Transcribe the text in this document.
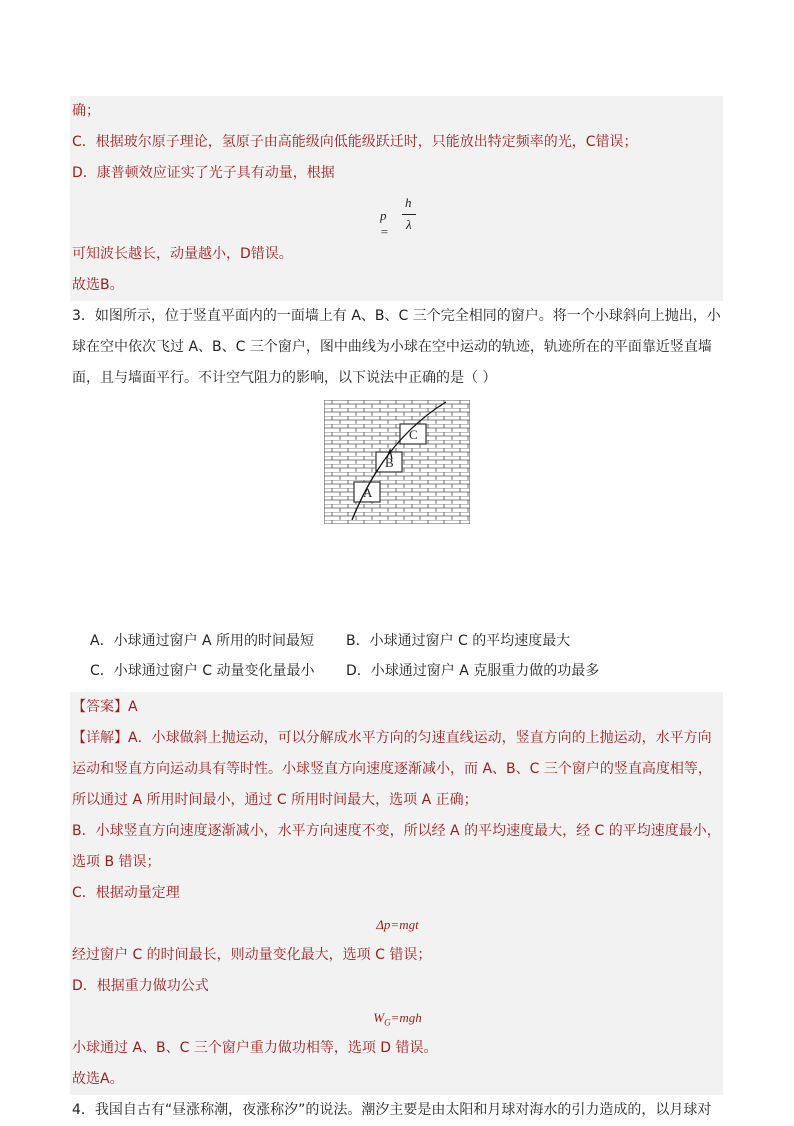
确；
C．根据玻尔原子理论，氢原子由高能级向低能级跃迁时，只能放出特定频率的光，C错误；
D．康普顿效应证实了光子具有动量，根据
p =
h
λ
可知波长越长，动量越小，D错误。
故选B。
3．如图所示，位于竖直平面内的一面墙上有 A、B、C 三个完全相同的窗户。将一个小球斜向上抛出，小
球在空中依次飞过 A、B、C 三个窗户，图中曲线为小球在空中运动的轨迹，轨迹所在的平面靠近竖直墙
面，且与墙面平行。不计空气阻力的影响，以下说法中正确的是（ ）
A
B
C
A．小球通过窗户 A 所用的时间最短 B．小球通过窗户 C 的平均速度最大
C．小球通过窗户 C 动量变化量最小 D．小球通过窗户 A 克服重力做的功最多
【答案】A
【详解】A．小球做斜上抛运动，可以分解成水平方向的匀速直线运动，竖直方向的上抛运动，水平方向
运动和竖直方向运动具有等时性。小球竖直方向速度逐渐减小，而 A、B、C 三个窗户的竖直高度相等，
所以通过 A 所用时间最小，通过 C 所用时间最大，选项 A 正确；
B．小球竖直方向速度逐渐减小，水平方向速度不变，所以经 A 的平均速度最大，经 C 的平均速度最小，
选项 B 错误；
C．根据动量定理
Δp=mgt
经过窗户 C 的时间最长，则动量变化最大，选项 C 错误；
D．根据重力做功公式
$W_G=mgh$
小球通过 A、B、C 三个窗户重力做功相等，选项 D 错误。
故选A。
4．我国自古有“昼涨称潮，夜涨称汐”的说法。潮汐主要是由太阳和月球对海水的引力造成的，以月球对
